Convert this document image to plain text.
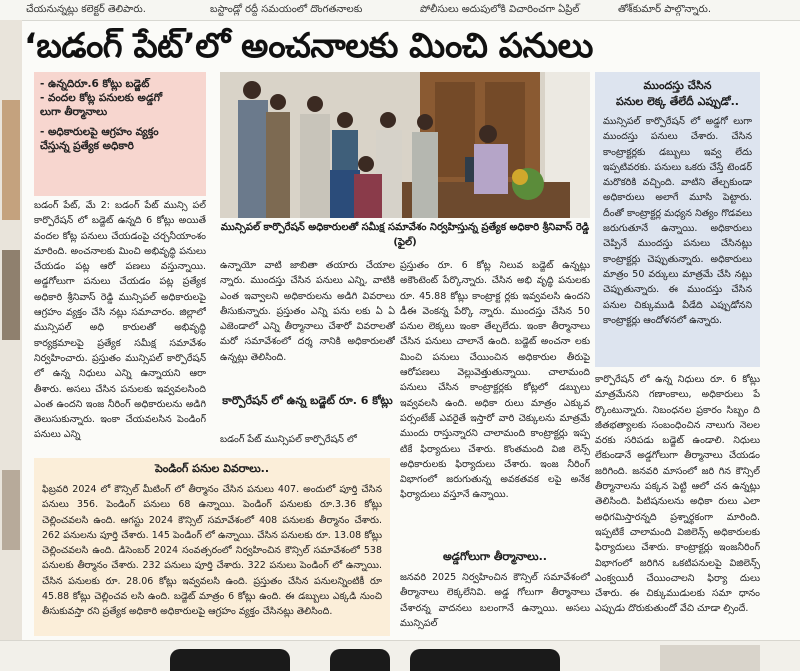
చేయనున్నట్లు కలెక్టర్ తెలిపారు.	బస్టాండ్లో రద్దీ సమయంలో దొంగతనాలకు	పోలీసులు అదుపులోకి విచారించగా ఏప్రిల్	తోశ్‌కుమార్ పాల్గొన్నారు.
‘బడంగ్ పేట్’లో అంచనాలకు మించి పనులు
- ఉన్నదిరూ.6 కోట్లు బడ్జెట్
- వందల కోట్ల పనులకు అడ్డగో
లుగా తీర్మానాలు
- అధికారులపై ఆగ్రహం వ్యక్తం
చేస్తున్న ప్రత్యేక అధికారి
మున్సిపల్ కార్పొరేషన్ అధికారులతో సమీక్ష సమావేశం నిర్వహిస్తున్న ప్రత్యేక అధికారి శ్రీనివాస్ రెడ్డి (ఫైల్)
ముందస్తు చేసిన
పనుల లెక్క తేలేదీ ఎప్పుడో..
మున్సిపల్ కార్పొరేషన్ లో అడ్డగో లుగా ముందస్తు పనులు చేశారు. చేసిన కాంట్రాక్టర్లకు డబ్బులు ఇవ్వ లేదు ఇప్పటివరకు. పనులు ఒకరు చేస్తే టెండర్ మరొకరికి వచ్చింది. వాటిని తేల్చకుండా అధికారులు అలాగే మూసి పెట్టారు. దీంతో కాంట్రాక్టర్ల మధ్యన నిత్యం గొడవలు జరుగుతూనే ఉన్నాయి. అధికారులు చెప్పినే ముందస్తు పనులు చేసినట్లు కాంట్రాక్టర్లు చెప్పుతున్నారు. అధికారులు మాత్రం 50 వర్కులు మాత్రమే చేసి నట్లు చెప్పుతున్నారు. ఈ ముందస్తు చేసిన పనుల చిక్కుముడి వీడేది ఎప్పుడోనని కాంట్రాక్టర్లు ఆందోళనలో ఉన్నారు.
బడంగ్ పేట్, మే 2: బడంగ్ పేట్ మున్సి పల్ కార్పొరేషన్ లో బడ్జెట్ ఉన్నది 6 కోట్లు అయితే వందల కోట్ల పనులు చేయడంపై చర్చనీయాంశం మారింది. అంచనాలకు మించి అభివృద్ధి పనులు చేయడం పట్ల ఆరో పణలు వస్తున్నాయి. అడ్డగోలుగా పనులు చేయడం పట్ల ప్రత్యేక అధికారి శ్రీనివాస్ రెడ్డి మున్సిపల్ అధికారులపై ఆగ్రహం వ్యక్తం చేసి నట్లు సమాచారం. జిల్లాలో మున్సిపల్ అధి కారులతో అభివృద్ధి కార్యక్రమాలపై ప్రత్యేక సమీక్ష సమావేశం నిర్వహించారు. ప్రస్తుతం మున్సిపల్ కార్పొరేషన్ లో ఉన్న నిధులు ఎన్ని ఉన్నాయని ఆరా తీశారు. అసలు చేసిన పనులకు ఇవ్వవలసింది ఎంత ఉందని ఇంజ నీరింగ్ అధికారులను అడిగి తెలుసుకున్నారు. ఇంకా చేయవలసిన పెండింగ్ పనులు ఎన్ని
ఉన్నాయో వాటి జాబితా తయారు చేయాల న్నారు. ముందస్తు చేసిన పనులు ఎన్ని, వాటికి ఎంత ఇవ్వాలని అధికారులను అడిగి వివరాలు తీసుకున్నారు. ప్రస్తుతం ఎన్ని పను లకు ఏ ఏ ఎజెండాలో ఎన్ని తీర్మానాలు చేశారో వివరాలతో మరో సమావేశంలో దర్శ నానికి అధికారులతో ఉన్నట్లు తెలిసింది.
కార్పొరేషన్ లో ఉన్న బడ్జెట్ రూ. 6 కోట్లు
బడంగ్ పేట్ మున్సిపల్ కార్పొరేషన్ లో
ప్రస్తుతం రూ. 6 కోట్ల నిలువ బడ్జెట్ ఉన్నట్లు అకౌంటెంట్ పేర్కొన్నారు. చేసిన అభి వృద్ధి పనులకు రూ. 45.88 కోట్లు కాంట్రాక్ట ర్లకు ఇవ్వవలసి ఉందని డీఈ వెంకన్న పేర్కొ న్నారు. ముందస్తు చేసిన 50 పనుల లెక్కలు ఇంకా తేల్చలేదు. ఇంకా తీర్మానాలు చేసిన పనులు చాలానే ఉంది. బడ్జెట్ అంచనా లకు మించి పనులు చేయించిన అధికారుల తీరుపై ఆరోపణలు వెల్లువెత్తుతున్నాయి. చాలామంది పనులు చేసిన కాంట్రాక్టర్లకు కోట్లలో డబ్బులు ఇవ్వవలసి ఉంది. అధికా రులు మాత్రం ఎక్కువ పర్సంటేజ్ ఎవరైతే ఇస్తారో వారి చెక్కులను మాత్రమే ముందు రాస్తున్నారని చాలామంది కాంట్రాక్టర్లు ఇప్ప టికే ఫిర్యాదులు చేశారు. కొంతమంది విజి లెన్స్ అధికారులకు ఫిర్యాదులు చేశారు. ఇంజ నీరింగ్ విభాగంలో జరుగుతున్న అవకతవక లపై అనేక ఫిర్యాదులు వస్తూనే ఉన్నాయి.
అడ్డగోలుగా తీర్మానాలు..
జనవరి 2025 నిర్వహించిన కౌన్సిల్ సమావేశంలో తీర్మానాలు లెక్కలేనివి. అడ్డ గోలుగా తీర్మానాలు చేశారన్న వాదనలు బలంగానే ఉన్నాయి. అసలు మున్సిపల్
కార్పొరేషన్ లో ఉన్న నిధులు రూ. 6 కోట్లు మాత్రమేనని గణాంకాలు, అధికారులు పే ర్కొంటున్నారు. నిబంధనల ప్రకారం సిబ్బం ది జీతభత్యాలకు సంబంధించిన నాలుగు నెలల వరకు సరిపడు బడ్జెట్ ఉండాలి. నిధులు లేకుండానే అడ్డగోలుగా తీర్మానాలు చేయడం జరిగింది. జనవరి మాసంలో జరి గిన కౌన్సిల్ తీర్మానాలను పక్కన పెట్టి ఆలో చన ఉన్నట్లు తెలిసింది. పిటిషనులను అధికా రులు ఎలా అధిగమిస్తారన్నది ప్రశ్నార్థకంగా మారింది. ఇప్పటికే చాలామంది విజిలెన్స్ అధికారులకు ఫిర్యాదులు చేశారు. కాంట్రాక్టర్లు ఇంజనీరింగ్ విభాగంలో జరిగిన ఒకటిపనులపై విజిలెన్స్ ఎంక్వయిరీ చేయించాలని ఫిర్యా దులు చేశారు. ఈ చిక్కుముడులకు సమా ధానం ఎప్పుడు దొరుకుతుందో వేచి చూడా ల్సిందే.
పెండింగ్ పనుల వివరాలు..
ఫిబ్రవరి 2024 లో కౌన్సిల్ మీటింగ్ లో తీర్మానం చేసిన పనులు 407. అందులో పూర్తి చేసిన పనులు 356. పెండింగ్ పనులు 68 ఉన్నాయి. పెండింగ్ పనులకు రూ.3.36 కోట్లు చెల్లించవలసి ఉంది. ఆగస్టు 2024 కౌన్సిల్ సమావేశంలో 408 పనులకు తీర్మానం చేశారు. 262 పనులను పూర్తి చేశారు. 145 పెండింగ్ లో ఉన్నాయి. చేసిన పనులకు రూ. 13.08 కోట్లు చెల్లించవలసి ఉంది. డిసెంబర్ 2024 సంవత్సరంలో నిర్వహించిన కౌన్సిల్ సమావేశంలో 538 పనులకు తీర్మానం చేశారు. 232 పనులు పూర్తి చేశారు. 322 పనులు పెండింగ్ లో ఉన్నాయి. చేసిన పనులకు రూ. 28.06 కోట్లు ఇవ్వవలసి ఉంది. ప్రస్తుతం చేసిన పనులన్నింటికీ రూ 45.88 కోట్లు చెల్లించవ లసి ఉంది. బడ్జెట్ మాత్రం 6 కోట్లు ఉంది. ఈ డబ్బులు ఎక్కడి నుంచి తీసుకువస్తా రని ప్రత్యేక అధికారి అధికారులపై ఆగ్రహం వ్యక్తం చేసినట్లు తెలిసింది.
